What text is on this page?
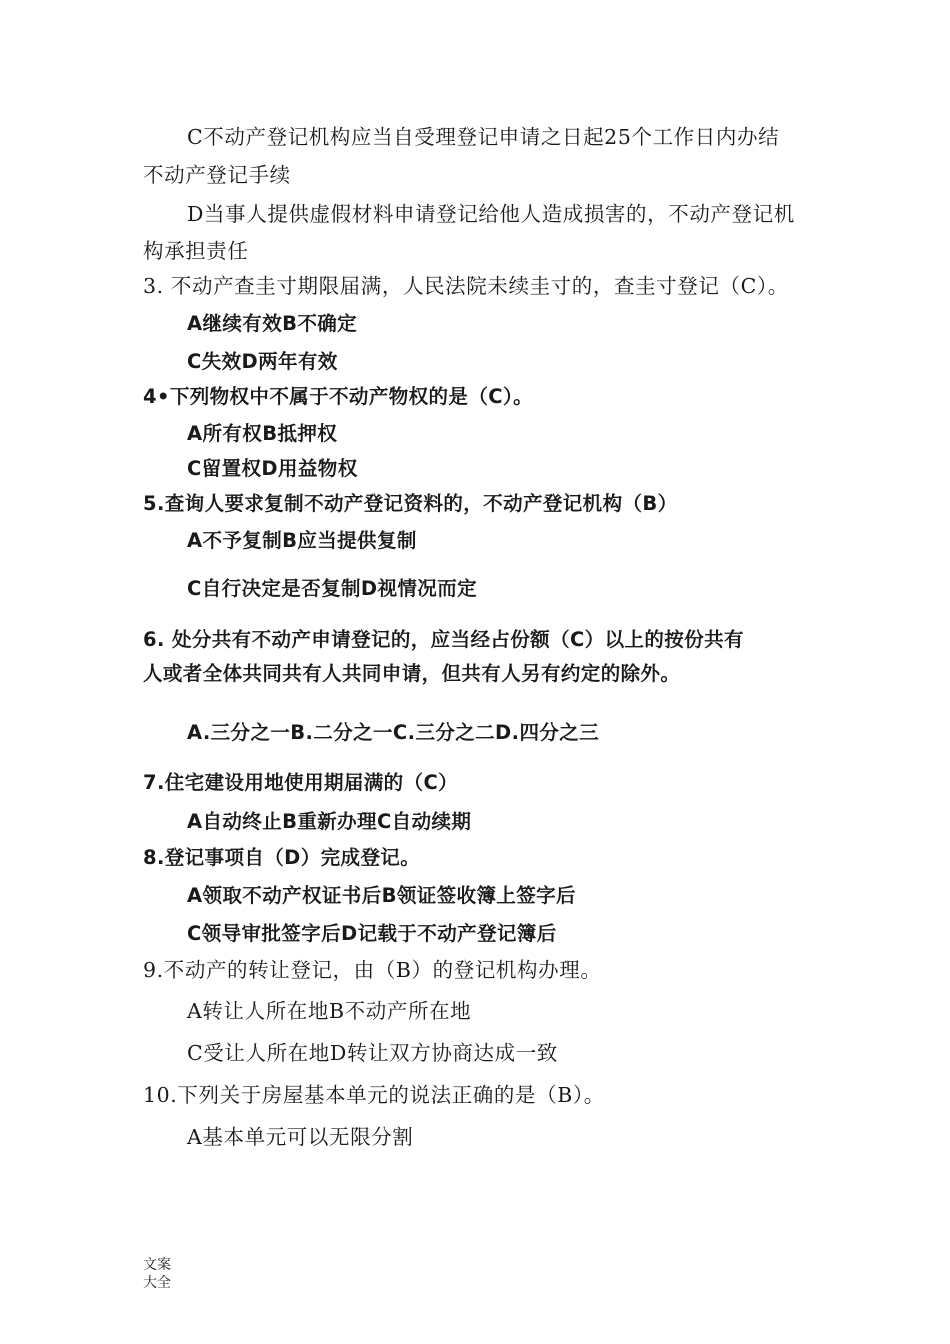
C不动产登记机构应当自受理登记申请之日起25个工作日内办结
不动产登记手续
D当事人提供虚假材料申请登记给他人造成损害的，不动产登记机
构承担责任
3. 不动产查圭寸期限届满，人民法院未续圭寸的，查圭寸登记（C）。
A继续有效B不确定
C失效D两年有效
4•下列物权中不属于不动产物权的是（C）。
A所有权B抵押权
C留置权D用益物权
5.查询人要求复制不动产登记资料的，不动产登记机构（B）
A不予复制B应当提供复制
C自行决定是否复制D视情况而定
6. 处分共有不动产申请登记的，应当经占份额（C）以上的按份共有
人或者全体共同共有人共同申请，但共有人另有约定的除外。
A.三分之一B.二分之一C.三分之二D.四分之三
7.住宅建设用地使用期届满的（C）
A自动终止B重新办理C自动续期
8.登记事项自（D）完成登记。
A领取不动产权证书后B领证签收簿上签字后
C领导审批签字后D记载于不动产登记簿后
9.不动产的转让登记，由（B）的登记机构办理。
A转让人所在地B不动产所在地
C受让人所在地D转让双方协商达成一致
10.下列关于房屋基本单元的说法正确的是（B）。
A基本单元可以无限分割
文案
大全
